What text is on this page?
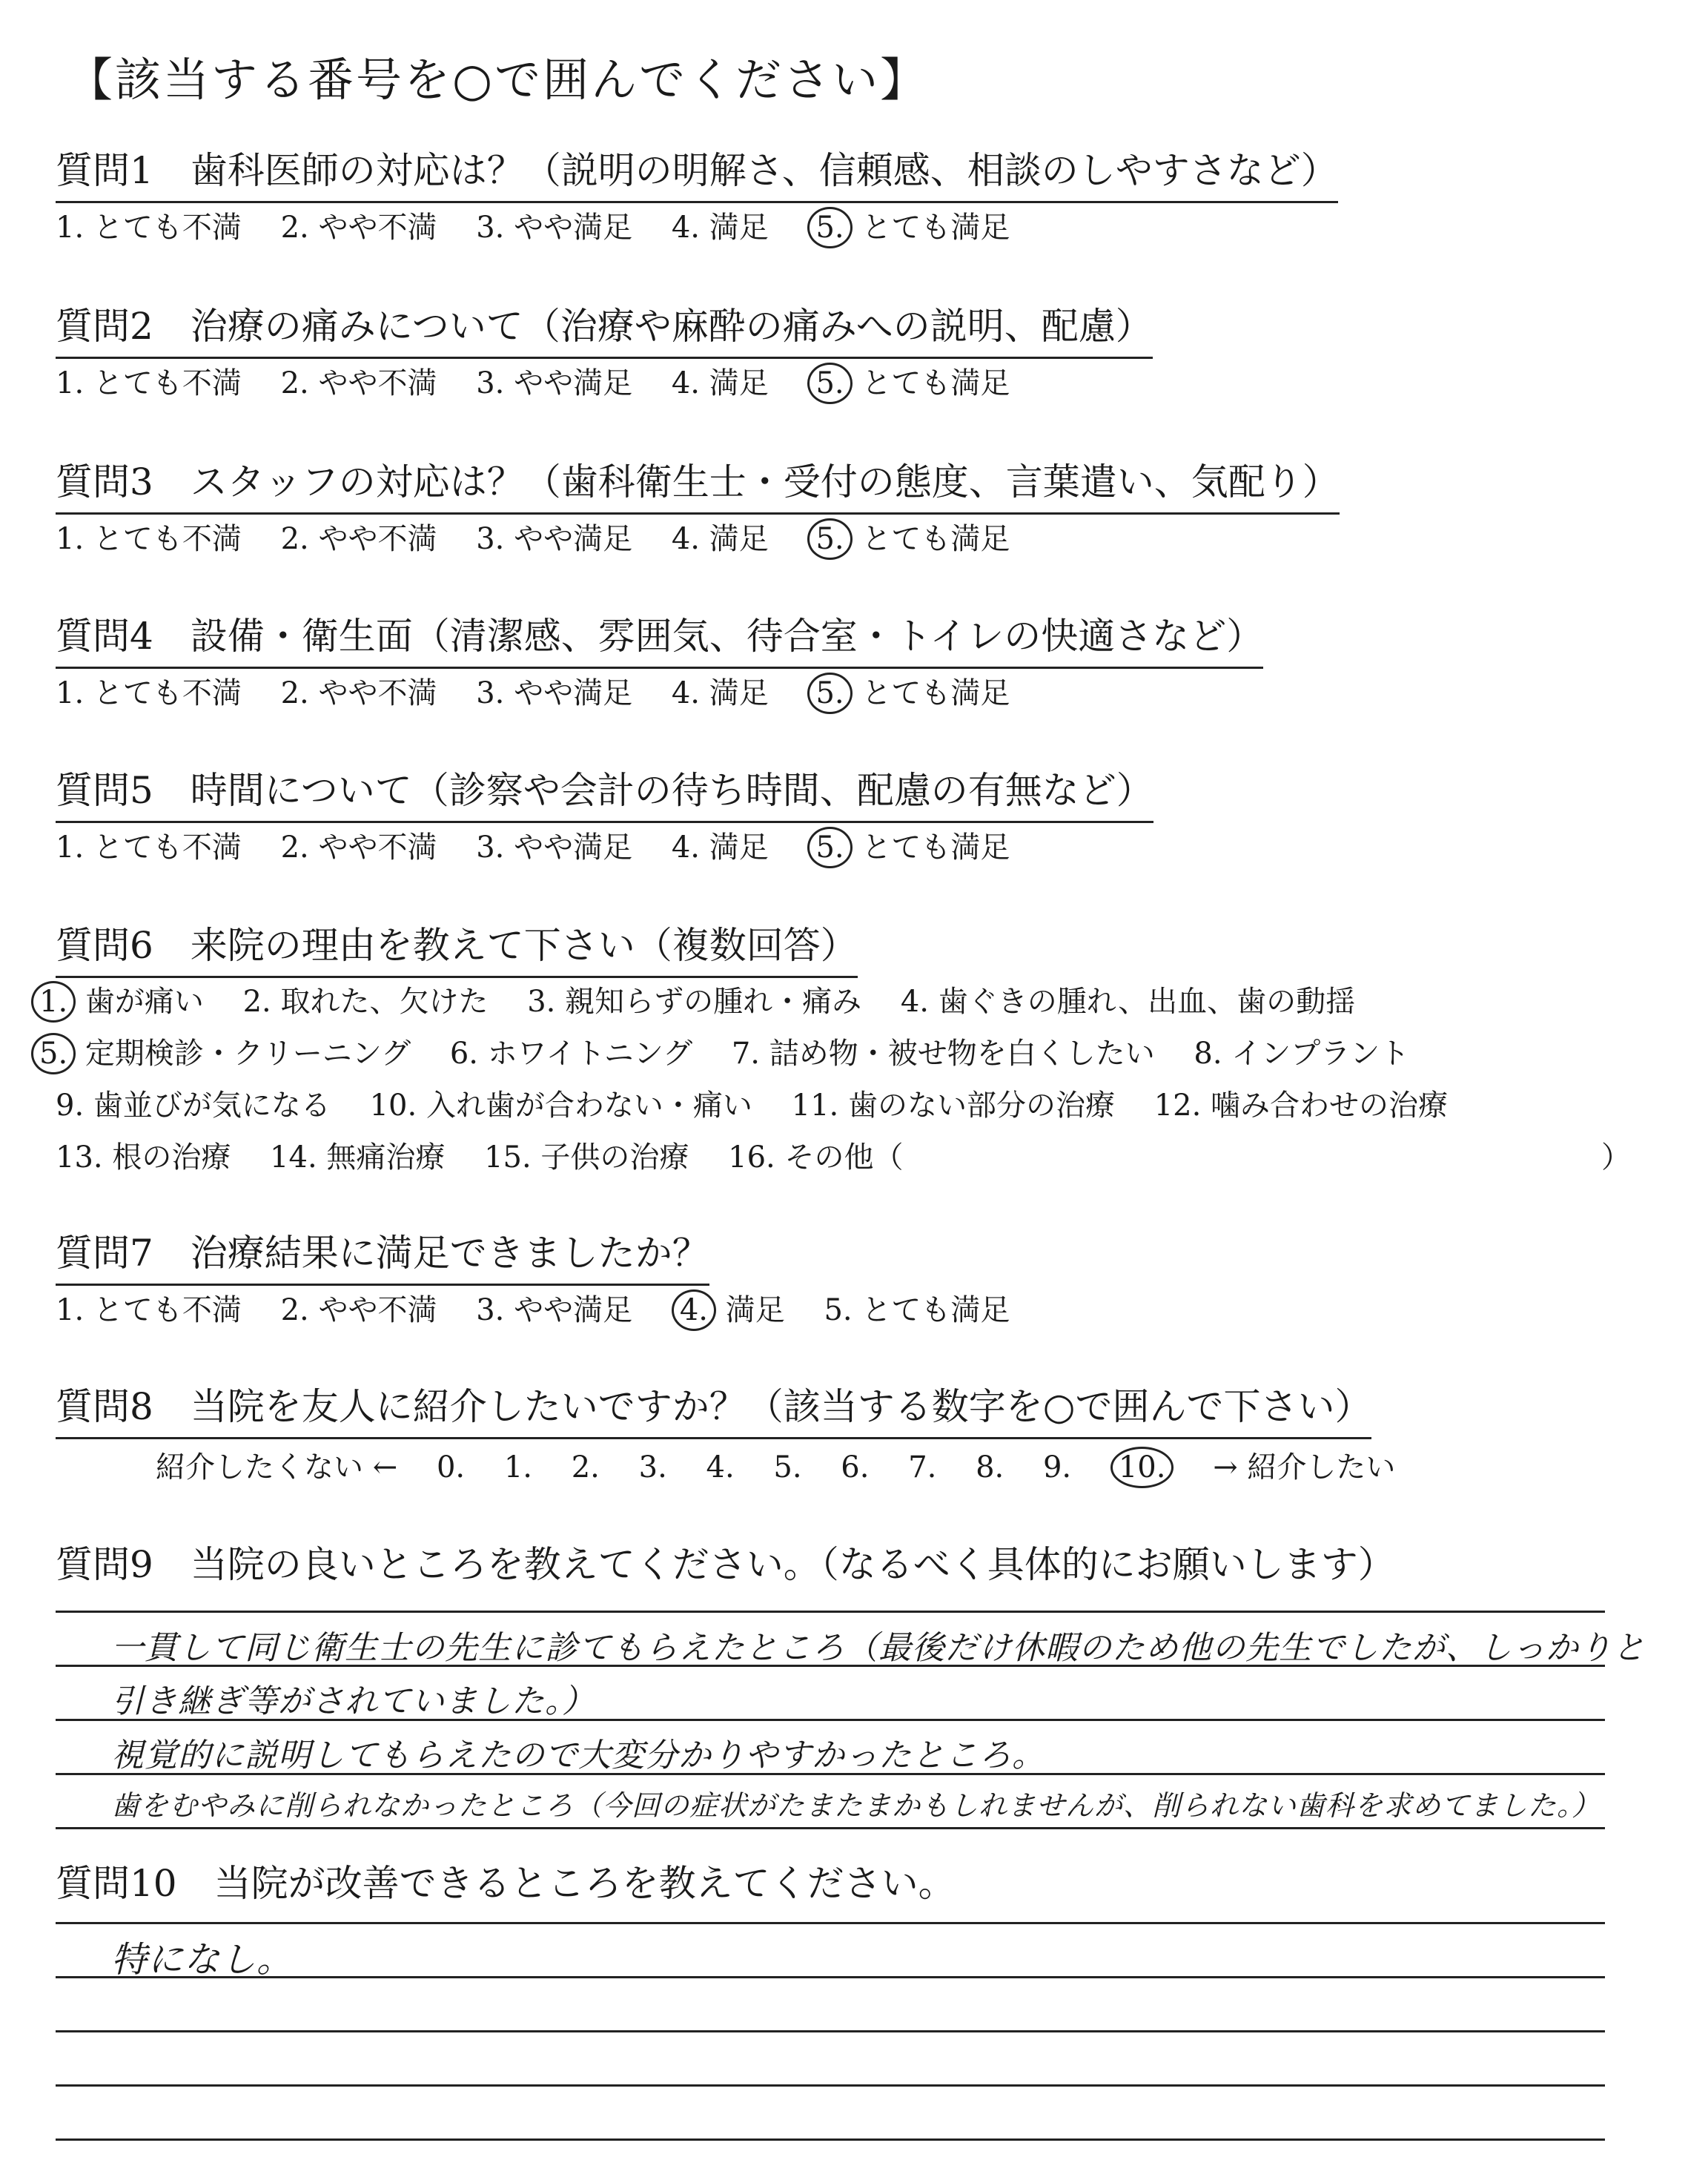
【該当する番号を○で囲んでください】
質問1　歯科医師の対応は？（説明の明解さ、信頼感、相談のしやすさなど）
1. とても不満　 2. やや不満　 3. やや満足　 4. 満足　 5. とても満足
質問2　治療の痛みについて（治療や麻酔の痛みへの説明、配慮）
1. とても不満　 2. やや不満　 3. やや満足　 4. 満足　 5. とても満足
質問3　スタッフの対応は？（歯科衛生士・受付の態度、言葉遣い、気配り）
1. とても不満　 2. やや不満　 3. やや満足　 4. 満足　 5. とても満足
質問4　設備・衛生面（清潔感、雰囲気、待合室・トイレの快適さなど）
1. とても不満　 2. やや不満　 3. やや満足　 4. 満足　 5. とても満足
質問5　時間について（診察や会計の待ち時間、配慮の有無など）
1. とても不満　 2. やや不満　 3. やや満足　 4. 満足　 5. とても満足
質問6　来院の理由を教えて下さい（複数回答）
1. 歯が痛い　 2. 取れた、欠けた　 3. 親知らずの腫れ・痛み　 4. 歯ぐきの腫れ、出血、歯の動揺
5. 定期検診・クリーニング　 6. ホワイトニング　 7. 詰め物・被せ物を白くしたい　 8. インプラント
9. 歯並びが気になる　 10. 入れ歯が合わない・痛い　 11. 歯のない部分の治療　 12. 噛み合わせの治療
13. 根の治療　 14. 無痛治療　 15. 子供の治療　 16. その他（	）
質問7　治療結果に満足できましたか？
1. とても不満　 2. やや不満　 3. やや満足　 4. 満足　 5. とても満足
質問8　当院を友人に紹介したいですか？（該当する数字を○で囲んで下さい）
紹介したくない ←　 0.　 1.　 2.　 3.　 4.　 5.　 6.　 7.　 8.　 9.　 10.　 → 紹介したい
質問9　当院の良いところを教えてください。（なるべく具体的にお願いします）
一貫して同じ衛生士の先生に診てもらえたところ（最後だけ休暇のため他の先生でしたが、しっかりと
引き継ぎ等がされていました。）
視覚的に説明してもらえたので大変分かりやすかったところ。
歯をむやみに削られなかったところ（今回の症状がたまたまかもしれませんが、削られない歯科を求めてました。）
質問10　当院が改善できるところを教えてください。
特になし。
